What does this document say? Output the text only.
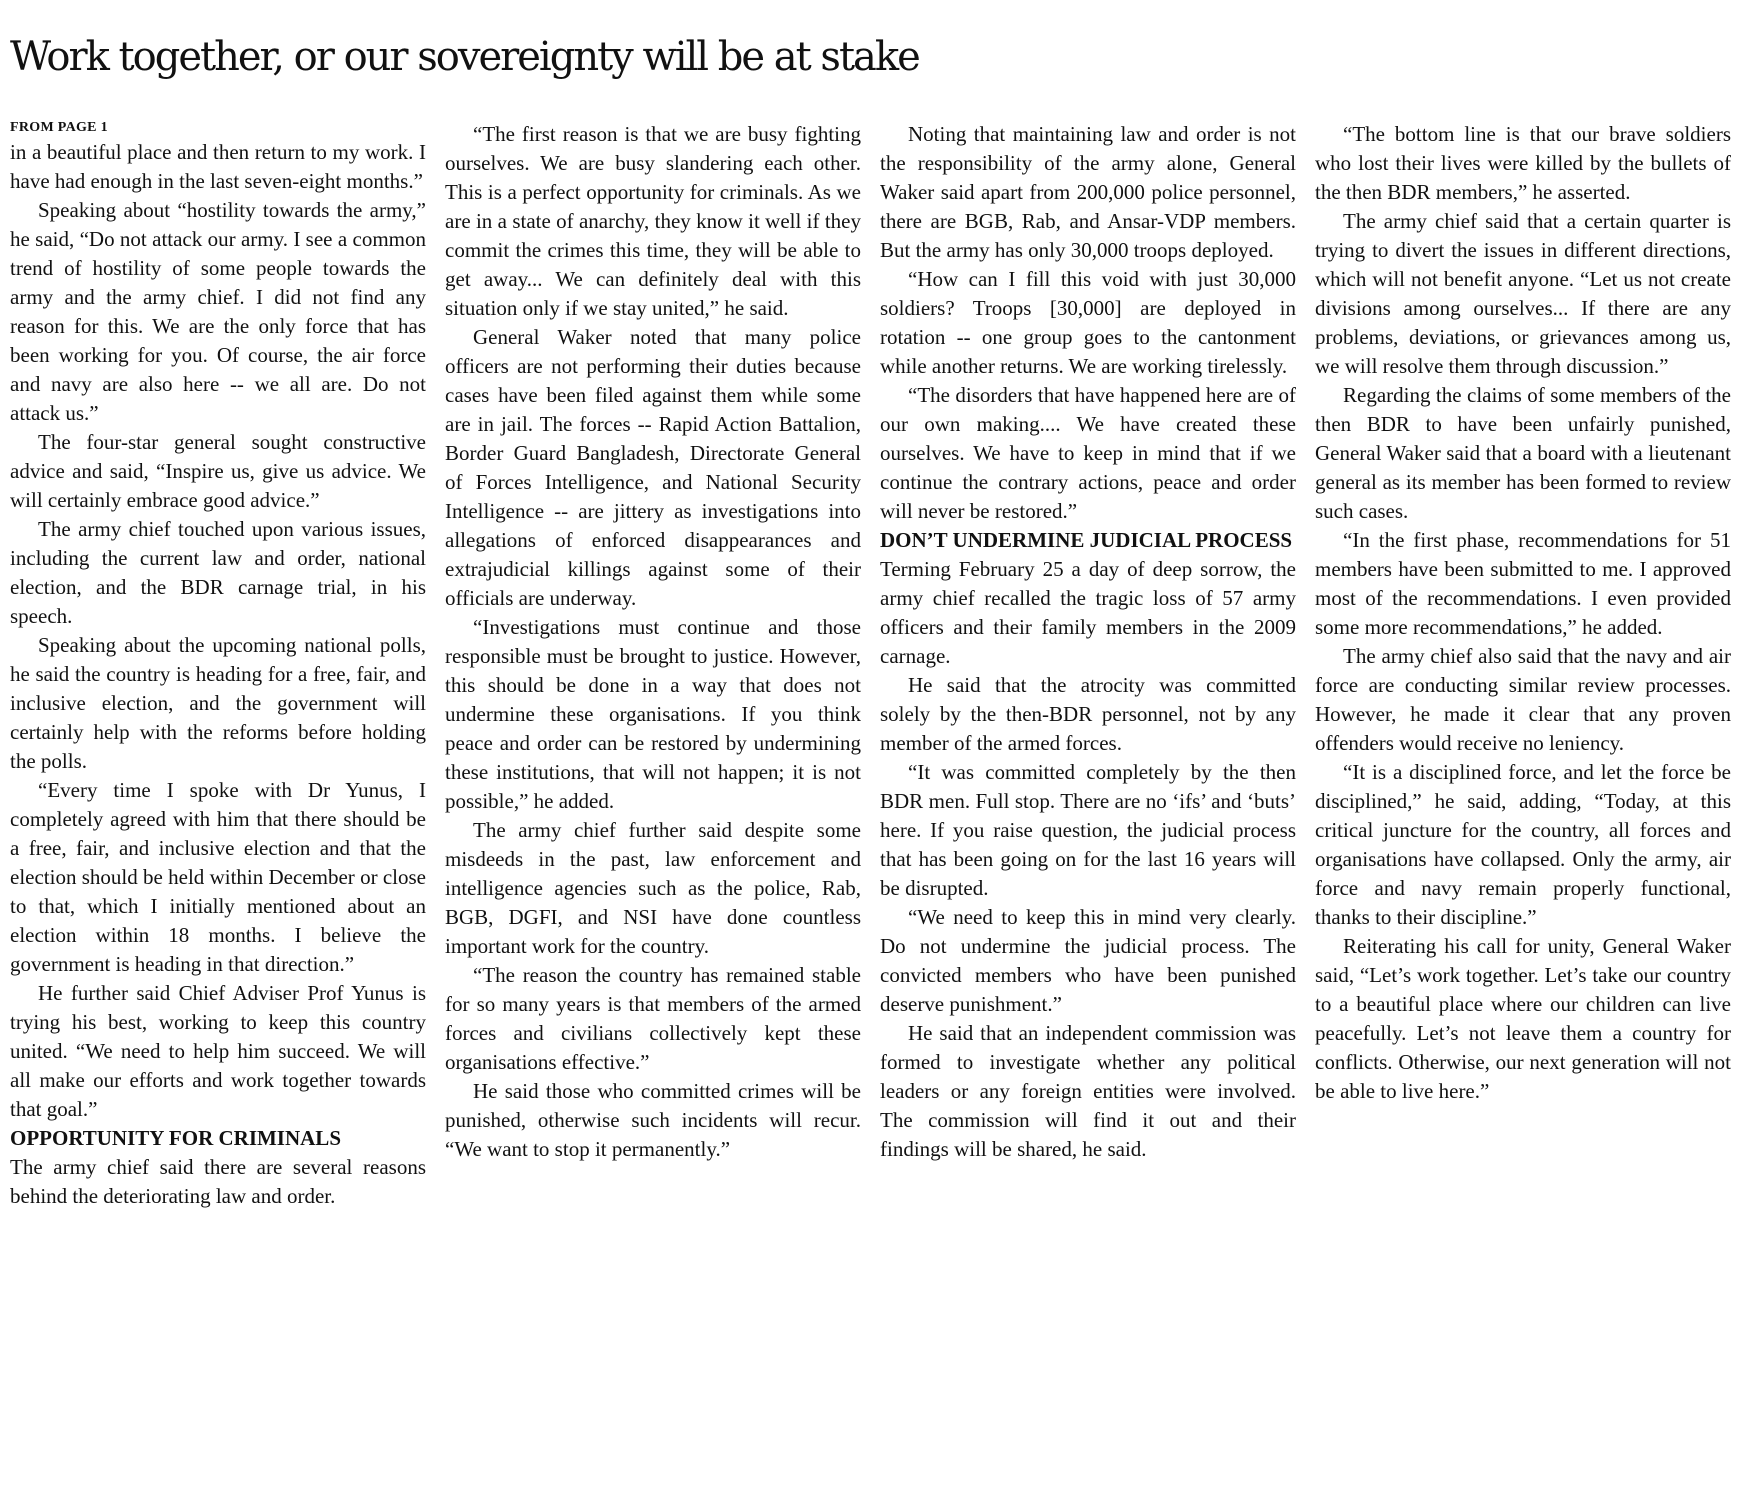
Work together, or our sovereignty will be at stake
FROM PAGE 1

in a beautiful place and then return to my work. I have had enough in the last seven-eight months.”

Speaking about “hostility towards the army,” he said, “Do not attack our army. I see a common trend of hostility of some people towards the army and the army chief. I did not find any reason for this. We are the only force that has been working for you. Of course, the air force and navy are also here -- we all are. Do not attack us.”

The four-star general sought constructive advice and said, “Inspire us, give us advice. We will certainly embrace good advice.”

The army chief touched upon various issues, including the current law and order, national election, and the BDR carnage trial, in his speech.

Speaking about the upcoming national polls, he said the country is heading for a free, fair, and inclusive election, and the government will certainly help with the reforms before holding the polls.

“Every time I spoke with Dr Yunus, I completely agreed with him that there should be a free, fair, and inclusive election and that the election should be held within December or close to that, which I initially mentioned about an election within 18 months. I believe the government is heading in that direction.”

He further said Chief Adviser Prof Yunus is trying his best, working to keep this country united. “We need to help him succeed. We will all make our efforts and work together towards that goal.”

OPPORTUNITY FOR CRIMINALS

The army chief said there are several reasons behind the deteriorating law and order.

“The first reason is that we are busy fighting ourselves. We are busy slandering each other. This is a perfect opportunity for criminals. As we are in a state of anarchy, they know it well if they commit the crimes this time, they will be able to get away... We can definitely deal with this situation only if we stay united,” he said.

General Waker noted that many police officers are not performing their duties because cases have been filed against them while some are in jail. The forces -- Rapid Action Battalion, Border Guard Bangladesh, Directorate General of Forces Intelligence, and National Security Intelligence -- are jittery as investigations into allegations of enforced disappearances and extrajudicial killings against some of their officials are underway.

“Investigations must continue and those responsible must be brought to justice. However, this should be done in a way that does not undermine these organisations. If you think peace and order can be restored by undermining these institutions, that will not happen; it is not possible,” he added.

The army chief further said despite some misdeeds in the past, law enforcement and intelligence agencies such as the police, Rab, BGB, DGFI, and NSI have done countless important work for the country.

“The reason the country has remained stable for so many years is that members of the armed forces and civilians collectively kept these organisations effective.”

He said those who committed crimes will be punished, otherwise such incidents will recur. “We want to stop it permanently.”

Noting that maintaining law and order is not the responsibility of the army alone, General Waker said apart from 200,000 police personnel, there are BGB, Rab, and Ansar-VDP members. But the army has only 30,000 troops deployed.

“How can I fill this void with just 30,000 soldiers? Troops [30,000] are deployed in rotation -- one group goes to the cantonment while another returns. We are working tirelessly.

“The disorders that have happened here are of our own making.... We have created these ourselves. We have to keep in mind that if we continue the contrary actions, peace and order will never be restored.”

DON’T UNDERMINE JUDICIAL PROCESS

Terming February 25 a day of deep sorrow, the army chief recalled the tragic loss of 57 army officers and their family members in the 2009 carnage.

He said that the atrocity was committed solely by the then-BDR personnel, not by any member of the armed forces.

“It was committed completely by the then BDR men. Full stop. There are no ‘ifs’ and ‘buts’ here. If you raise question, the judicial process that has been going on for the last 16 years will be disrupted.

“We need to keep this in mind very clearly. Do not undermine the judicial process. The convicted members who have been punished deserve punishment.”

He said that an independent commission was formed to investigate whether any political leaders or any foreign entities were involved. The commission will find it out and their findings will be shared, he said.

“The bottom line is that our brave soldiers who lost their lives were killed by the bullets of the then BDR members,” he asserted.

The army chief said that a certain quarter is trying to divert the issues in different directions, which will not benefit anyone. “Let us not create divisions among ourselves... If there are any problems, deviations, or grievances among us, we will resolve them through discussion.”

Regarding the claims of some members of the then BDR to have been unfairly punished, General Waker said that a board with a lieutenant general as its member has been formed to review such cases.

“In the first phase, recommendations for 51 members have been submitted to me. I approved most of the recommendations. I even provided some more recommendations,” he added.

The army chief also said that the navy and air force are conducting similar review processes. However, he made it clear that any proven offenders would receive no leniency.

“It is a disciplined force, and let the force be disciplined,” he said, adding, “Today, at this critical juncture for the country, all forces and organisations have collapsed. Only the army, air force and navy remain properly functional, thanks to their discipline.”

Reiterating his call for unity, General Waker said, “Let’s work together. Let’s take our country to a beautiful place where our children can live peacefully. Let’s not leave them a country for conflicts. Otherwise, our next generation will not be able to live here.”
